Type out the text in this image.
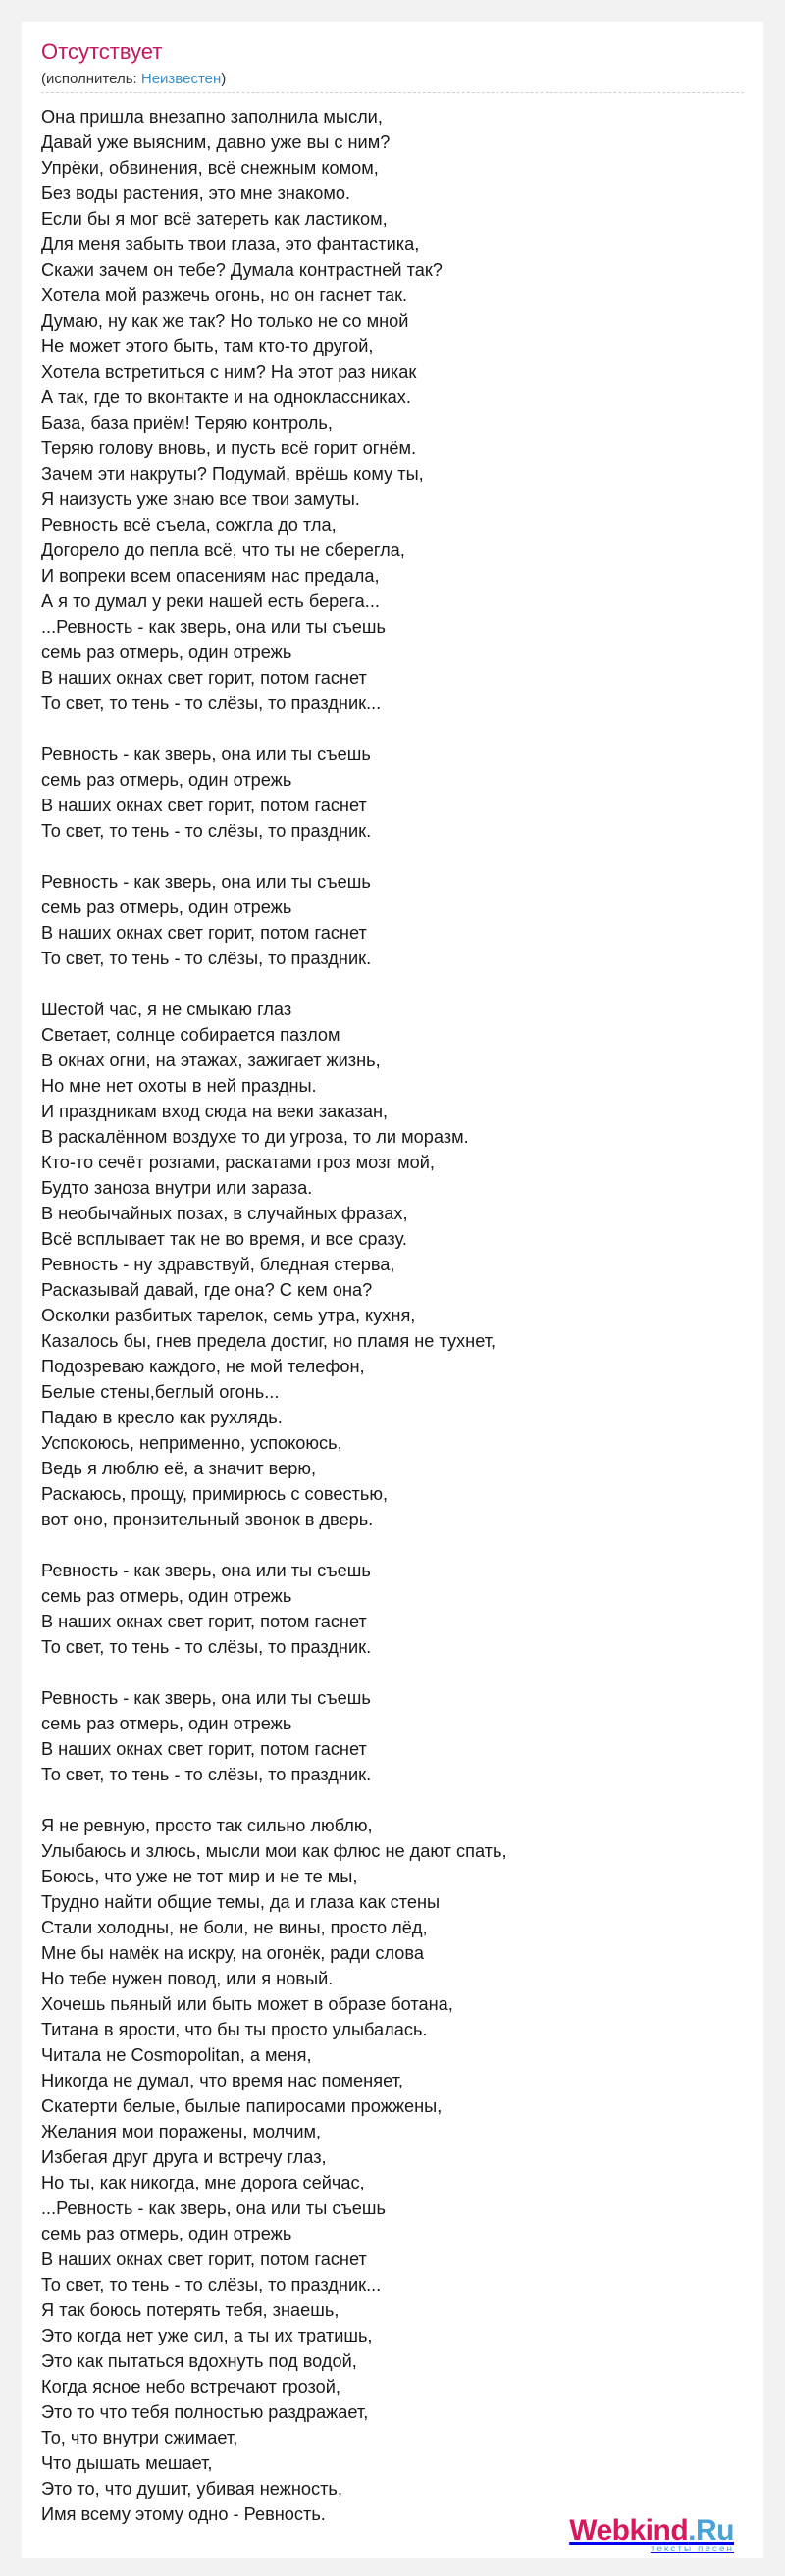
Отсутствует
(исполнитель: Неизвестен)
Она пришла внезапно заполнила мысли,
Давай уже выясним, давно уже вы с ним?
Упрёки, обвинения, всё снежным комом,
Без воды растения, это мне знакомо.
Если бы я мог всё затереть как ластиком,
Для меня забыть твои глаза, это фантастика,
Скажи зачем он тебе? Думала контрастней так?
Хотела мой разжечь огонь, но он гаснет так.
Думаю, ну как же так? Но только не со мной
Не может этого быть, там кто-то другой,
Хотела встретиться с ним? На этот раз никак
А так, где то вконтакте и на одноклассниках.
База, база приём! Теряю контроль,
Теряю голову вновь, и пусть всё горит огнём.
Зачем эти накруты? Подумай, врёшь кому ты,
Я наизусть уже знаю все твои замуты.
Ревность всё съела, сожгла до тла,
Догорело до пепла всё, что ты не сберегла,
И вопреки всем опасениям нас предала,
А я то думал у реки нашей есть берега...
...Ревность - как зверь, она или ты съешь
семь раз отмерь, один отрежь
В наших окнах свет горит, потом гаснет
То свет, то тень - то слёзы, то праздник...
Ревность - как зверь, она или ты съешь
семь раз отмерь, один отрежь
В наших окнах свет горит, потом гаснет
То свет, то тень - то слёзы, то праздник.
Ревность - как зверь, она или ты съешь
семь раз отмерь, один отрежь
В наших окнах свет горит, потом гаснет
То свет, то тень - то слёзы, то праздник.
Шестой час, я не смыкаю глаз
Светает, солнце собирается пазлом
В окнах огни, на этажах, зажигает жизнь,
Но мне нет охоты в ней праздны.
И праздникам вход сюда на веки заказан,
В раскалённом воздухе то ди угроза, то ли моразм.
Кто-то сечёт розгами, раскатами гроз мозг мой,
Будто заноза внутри или зараза.
В необычайных позах, в случайных фразах,
Всё всплывает так не во время, и все сразу.
Ревность - ну здравствуй, бледная стерва,
Расказывай давай, где она? С кем она?
Осколки разбитых тарелок, семь утра, кухня,
Казалось бы, гнев предела достиг, но пламя не тухнет,
Подозреваю каждого, не мой телефон,
Белые стены,беглый огонь...
Падаю в кресло как рухлядь.
Успокоюсь, неприменно, успокоюсь,
Ведь я люблю её, а значит верю,
Раскаюсь, прощу, примирюсь с совестью,
вот оно, пронзительный звонок в дверь.
Ревность - как зверь, она или ты съешь
семь раз отмерь, один отрежь
В наших окнах свет горит, потом гаснет
То свет, то тень - то слёзы, то праздник.
Ревность - как зверь, она или ты съешь
семь раз отмерь, один отрежь
В наших окнах свет горит, потом гаснет
То свет, то тень - то слёзы, то праздник.
Я не ревную, просто так сильно люблю,
Улыбаюсь и злюсь, мысли мои как флюс не дают спать,
Боюсь, что уже не тот мир и не те мы,
Трудно найти общие темы, да и глаза как стены
Стали холодны, не боли, не вины, просто лёд,
Мне бы намёк на искру, на огонёк, ради слова
Но тебе нужен повод, или я новый.
Хочешь пьяный или быть может в образе ботана,
Титана в ярости, что бы ты просто улыбалась.
Читала не Cosmopolitan, а меня,
Никогда не думал, что время нас поменяет,
Скатерти белые, былые папиросами прожжены,
Желания мои поражены, молчим,
Избегая друг друга и встречу глаз,
Но ты, как никогда, мне дорога сейчас,
...Ревность - как зверь, она или ты съешь
семь раз отмерь, один отрежь
В наших окнах свет горит, потом гаснет
То свет, то тень - то слёзы, то праздник...
Я так боюсь потерять тебя, знаешь,
Это когда нет уже сил, а ты их тратишь,
Это как пытаться вдохнуть под водой,
Когда ясное небо встречают грозой,
Это то что тебя полностью раздражает,
То, что внутри сжимает,
Что дышать мешает,
Это то, что душит, убивая нежность,
Имя всему этому одно - Ревность.	Webkind.Ru
тексты песен
